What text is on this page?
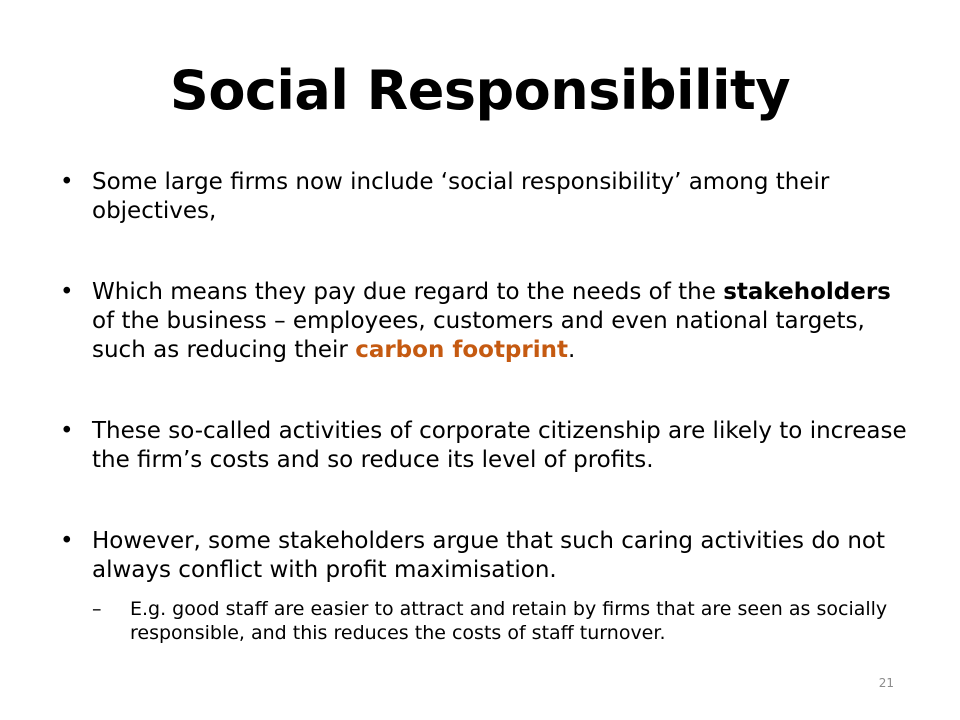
Social Responsibility
Some large firms now include ‘social responsibility’ among their objectives,
Which means they pay due regard to the needs of the stakeholders of the business – employees, customers and even national targets, such as reducing their carbon footprint.
These so-called activities of corporate citizenship are likely to increase the firm’s costs and so reduce its level of profits.
However, some stakeholders argue that such caring activities do not always conflict with profit maximisation.
– E.g. good staff are easier to attract and retain by firms that are seen as socially responsible, and this reduces the costs of staff turnover.
21
